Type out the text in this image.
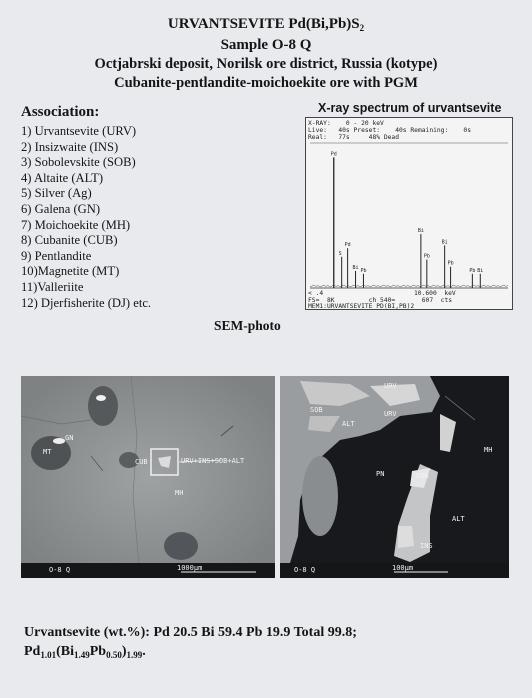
URVANTSEVITE $Pd(Bi,Pb)S_2$
Sample O-8 Q
Octjabrski deposit, Norilsk ore district, Russia (kotype)
Cubanite-pentlandite-moichoekite ore with PGM
Association:
1) Urvantsevite (URV)
2) Insizwaite (INS)
3) Sobolevskite (SOB)
4) Altaite (ALT)
5) Silver (Ag)
6) Galena (GN)
7) Moichoekite (MH)
8) Cubanite (CUB)
9) Pentlandite
10)Magnetite (MT)
11)Valleriite
12) Djerfisherite (DJ) etc.
X-ray spectrum of urvantsevite
X-RAY:    0 - 20 keV
Live:   40s Preset:    40s Remaining:    0s
Real:   77s     48% Dead
Pd
S
Pd
Bi Pb
Bi
Pb
Bi
Pb
Pb Bi
< .4	10.600  keV
FS=  8K         ch 540=       607  cts
MEM1:URVANTSEVITE PD(BI,PB)2
SEM-photo
GN
MT
CUB	URV+INS+SOB+ALT
MH
O-8 Q	1000µm
URV
SOB	URV
ALT
MH
PN	SOB
ALT
INS
O-8 Q	100µm
Urvantsevite (wt.%): Pd 20.5 Bi 59.4 Pb 19.9 Total 99.8;
$Pd_{1.01}(Bi_{1.49}Pb_{0.50})_{1.99}$.
